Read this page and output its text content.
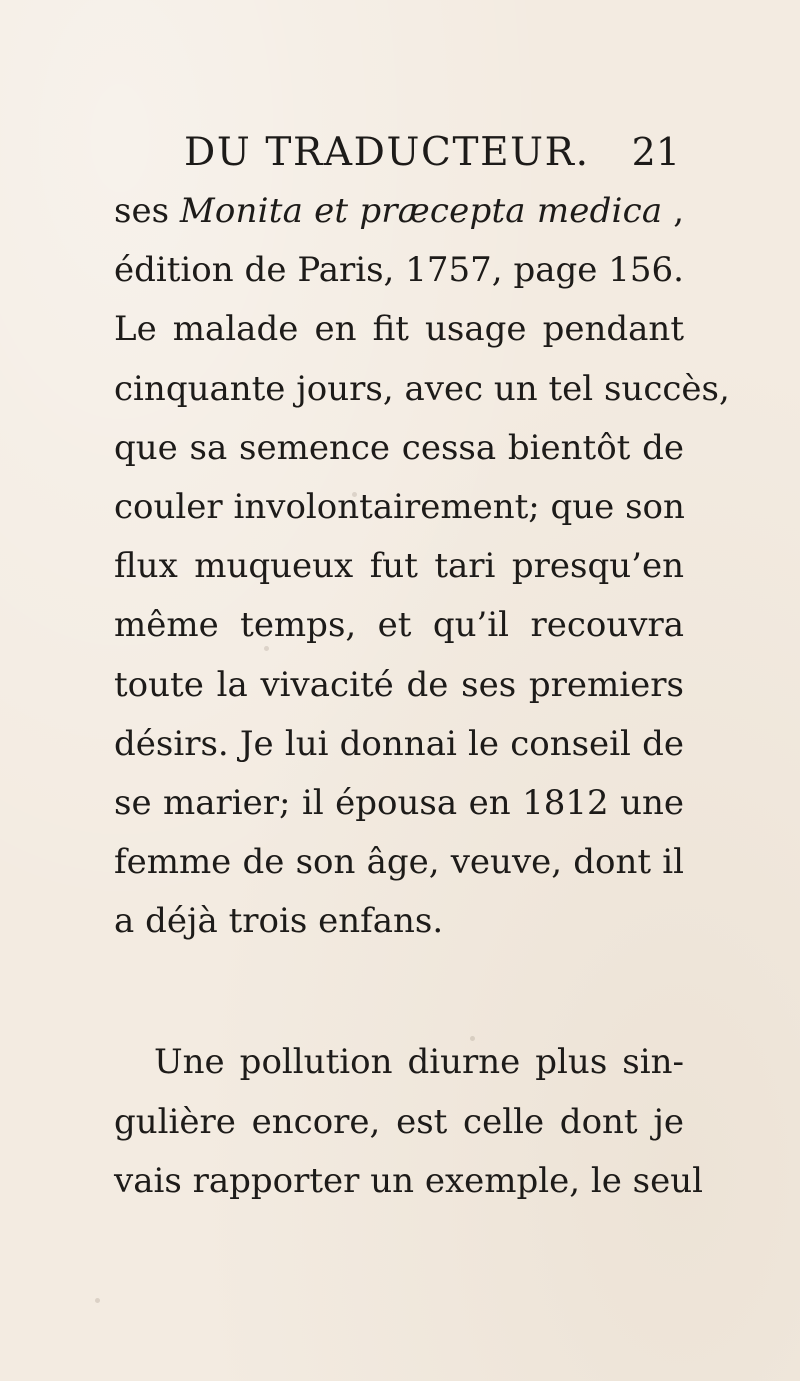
DU TRADUCTEUR. 21
ses Monita et præcepta medica ,
édition de Paris, 1757, page 156.
Le malade en fit usage pendant
cinquante jours, avec un tel succès,
que sa semence cessa bientôt de
couler involontairement; que son
flux muqueux fut tari presqu’en
même temps, et qu’il recouvra
toute la vivacité de ses premiers
désirs. Je lui donnai le conseil de
se marier; il épousa en 1812 une
femme de son âge, veuve, dont il
a déjà trois enfans.
Une pollution diurne plus sin-
gulière encore, est celle dont je
vais rapporter un exemple, le seul
